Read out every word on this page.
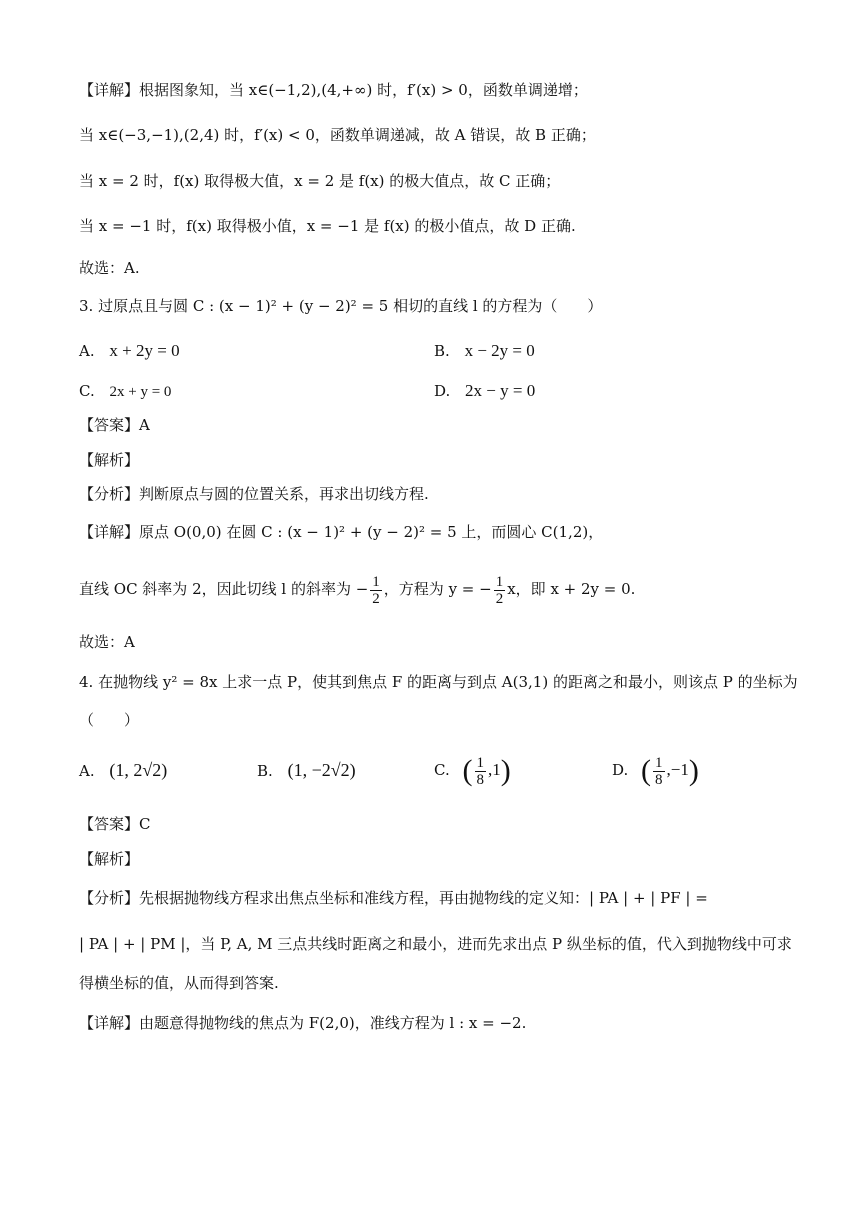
【详解】根据图象知，当 x∈(−1,2),(4,+∞) 时，f′(x) > 0，函数单调递增；
当 x∈(−3,−1),(2,4) 时，f′(x) < 0，函数单调递减，故 A 错误，故 B 正确；
当 x = 2 时，f(x) 取得极大值，x = 2 是 f(x) 的极大值点，故 C 正确；
当 x = −1 时，f(x) 取得极小值，x = −1 是 f(x) 的极小值点，故 D 正确.
故选：A.
3. 过原点且与圆 C : (x − 1)² + (y − 2)² = 5 相切的直线 l 的方程为（　　）
A. x + 2y = 0	B. x − 2y = 0
C. 2x + y = 0	D. 2x − y = 0
【答案】A
【解析】
【分析】判断原点与圆的位置关系，再求出切线方程.
【详解】原点 O(0,0) 在圆 C : (x − 1)² + (y − 2)² = 5 上，而圆心 C(1,2)，
直线 OC 斜率为 2，因此切线 l 的斜率为 − $\frac{1}{2}$ ，方程为 y = − $\frac{1}{2}$ x，即 x + 2y = 0.
故选：A
4. 在抛物线 y² = 8x 上求一点 P，使其到焦点 F 的距离与到点 A(3,1) 的距离之和最小，则该点 P 的坐标为
（　　）
A. (1, 2√2)	B. (1, −2√2)	C. ( $\frac{1}{8} ,1$)	D. ( $\frac{1}{8} ,-1$)
【答案】C
【解析】
【分析】先根据抛物线方程求出焦点坐标和准线方程，再由抛物线的定义知：| PA | + | PF | =
| PA | + | PM |，当 P, A, M 三点共线时距离之和最小，进而先求出点 P 纵坐标的值，代入到抛物线中可求
得横坐标的值，从而得到答案.
【详解】由题意得抛物线的焦点为 F(2,0)，准线方程为 l : x = −2.
